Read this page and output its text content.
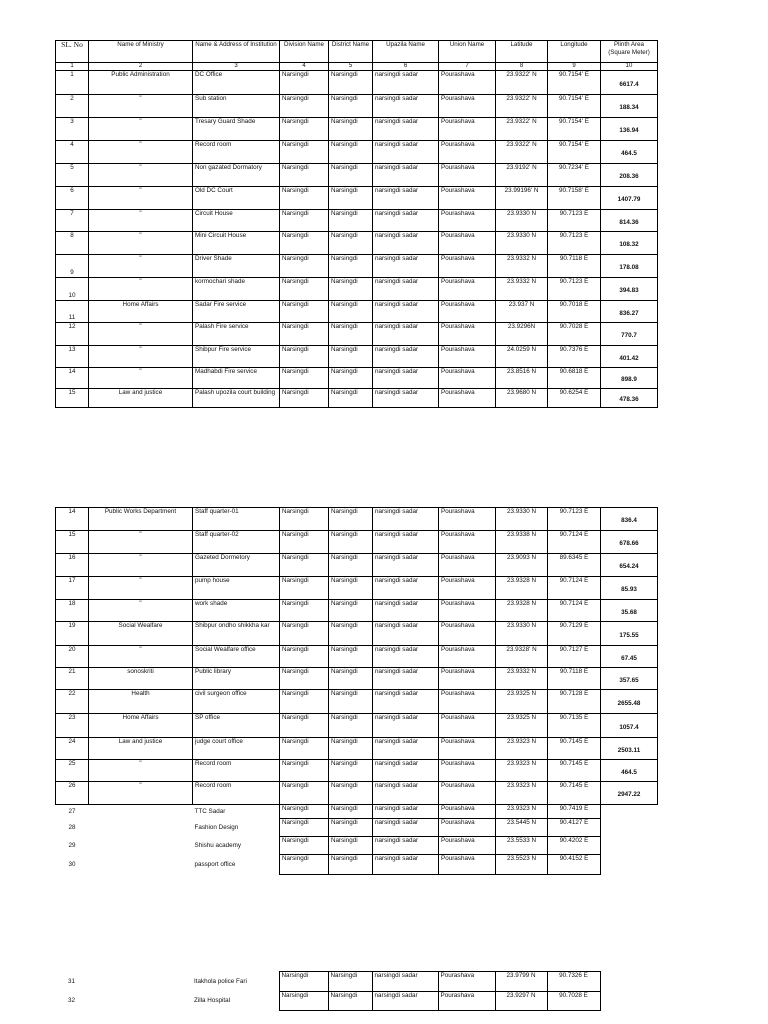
SL. No	Name of Ministry	Name & Address of Institution	Division Name	District Name	Upazila Name	Union Name	Latitude	Longitude	Plinth Area (Square Meter)
1	2	3	4	5	6	7	8	9	10
1	Public Administration	DC Office	Narsingdi	Narsingdi	narsingdi sadar	Pourashava	23.9322' N	90.7154' E	6617.4
2	"	Sub station	Narsingdi	Narsingdi	narsingdi sadar	Pourashava	23.9322' N	90.7154' E	188.34
3	"	Tresary Guard Shade	Narsingdi	Narsingdi	narsingdi sadar	Pourashava	23.9322' N	90.7154' E	136.94
4	"	Record room	Narsingdi	Narsingdi	narsingdi sadar	Pourashava	23.9322' N	90.7154' E	464.5
5	"	Non gazated Dormatory	Narsingdi	Narsingdi	narsingdi sadar	Pourashava	23.9192' N	90.7234' E	208.36
6	"	Old DC Court	Narsingdi	Narsingdi	narsingdi sadar	Pourashava	23.99196' N	90.7158' E	1407.79
7	"	Circuit House	Narsingdi	Narsingdi	narsingdi sadar	Pourashava	23.9330 N	90.7123 E	814.36
8	"	Mini Circuit House	Narsingdi	Narsingdi	narsingdi sadar	Pourashava	23.9330 N	90.7123 E	108.32
9	"	Driver Shade	Narsingdi	Narsingdi	narsingdi sadar	Pourashava	23.9332 N	90.7118 E	178.08
10	"	kormochari shade	Narsingdi	Narsingdi	narsingdi sadar	Pourashava	23.9332 N	90.7123 E	394.83
11	Home Affairs	Sadar Fire service	Narsingdi	Narsingdi	narsingdi sadar	Pourashava	23.937 N	90.7018 E	836.27
12	"	Palash Fire service	Narsingdi	Narsingdi	narsingdi sadar	Pourashava	23.9296N	90.7028 E	770.7
13	"	Shibpur Fire service	Narsingdi	Narsingdi	narsingdi sadar	Pourashava	24.0259 N	90.7376 E	401.42
14	"	Madhabdi Fire service	Narsingdi	Narsingdi	narsingdi sadar	Pourashava	23.8516 N	90.6818 E	898.9
15	Law and justice	Palash upozila court building	Narsingdi	Narsingdi	narsingdi sadar	Pourashava	23.9680 N	90.6254 E	478.36
14	Public Works Department	Staff quarter-01	Narsingdi	Narsingdi	narsingdi sadar	Pourashava	23.9330 N	90.7123 E	836.4
15	"	Staff quarter-02	Narsingdi	Narsingdi	narsingdi sadar	Pourashava	23.9338 N	90.7124 E	678.66
16	"	Gazeted Dormetory	Narsingdi	Narsingdi	narsingdi sadar	Pourashava	23.9093 N	89.6345 E	654.24
17	"	pump house	Narsingdi	Narsingdi	narsingdi sadar	Pourashava	23.9328 N	90.7124 E	85.93
18	"	work shade	Narsingdi	Narsingdi	narsingdi sadar	Pourashava	23.9328 N	90.7124 E	35.68
19	Social Wealfare	Shibpur ondho shikkha kar	Narsingdi	Narsingdi	narsingdi sadar	Pourashava	23.9330 N	90.7129 E	175.55
20	"	Social Wealfare office	Narsingdi	Narsingdi	narsingdi sadar	Pourashava	23.9328' N	90.7127 E	67.45
21	sonoskriti	Public library	Narsingdi	Narsingdi	narsingdi sadar	Pourashava	23.9332 N	90.7118 E	357.65
22	Health	civil surgeon office	Narsingdi	Narsingdi	narsingdi sadar	Pourashava	23.9325 N	90.7128 E	2655.48
23	Home Affairs	SP office	Narsingdi	Narsingdi	narsingdi sadar	Pourashava	23.9325 N	90.7135 E	1057.4
24	Law and justice	judge court office	Narsingdi	Narsingdi	narsingdi sadar	Pourashava	23.9323 N	90.7145 E	2503.11
25	"	Record room	Narsingdi	Narsingdi	narsingdi sadar	Pourashava	23.9323 N	90.7145 E	464.5
26	"	Record room	Narsingdi	Narsingdi	narsingdi sadar	Pourashava	23.9323 N	90.7145 E	2947.22
27		TTC Sadar	Narsingdi	Narsingdi	narsingdi sadar	Pourashava	23.9323 N	90.7419 E	
28		Fashion Design	Narsingdi	Narsingdi	narsingdi sadar	Pourashava	23.5445 N	90.4127 E	
29		Shishu academy	Narsingdi	Narsingdi	narsingdi sadar	Pourashava	23.5533 N	90.4202 E	
30		passport office	Narsingdi	Narsingdi	narsingdi sadar	Pourashava	23.5523 N	90.4152 E	
31		Itakhola police Fari	Narsingdi	Narsingdi	narsingdi sadar	Pourashava	23.9799 N	90.7326 E	
32		Zilla Hospital	Narsingdi	Narsingdi	narsingdi sadar	Pourashava	23.9297 N	90.7028 E	
